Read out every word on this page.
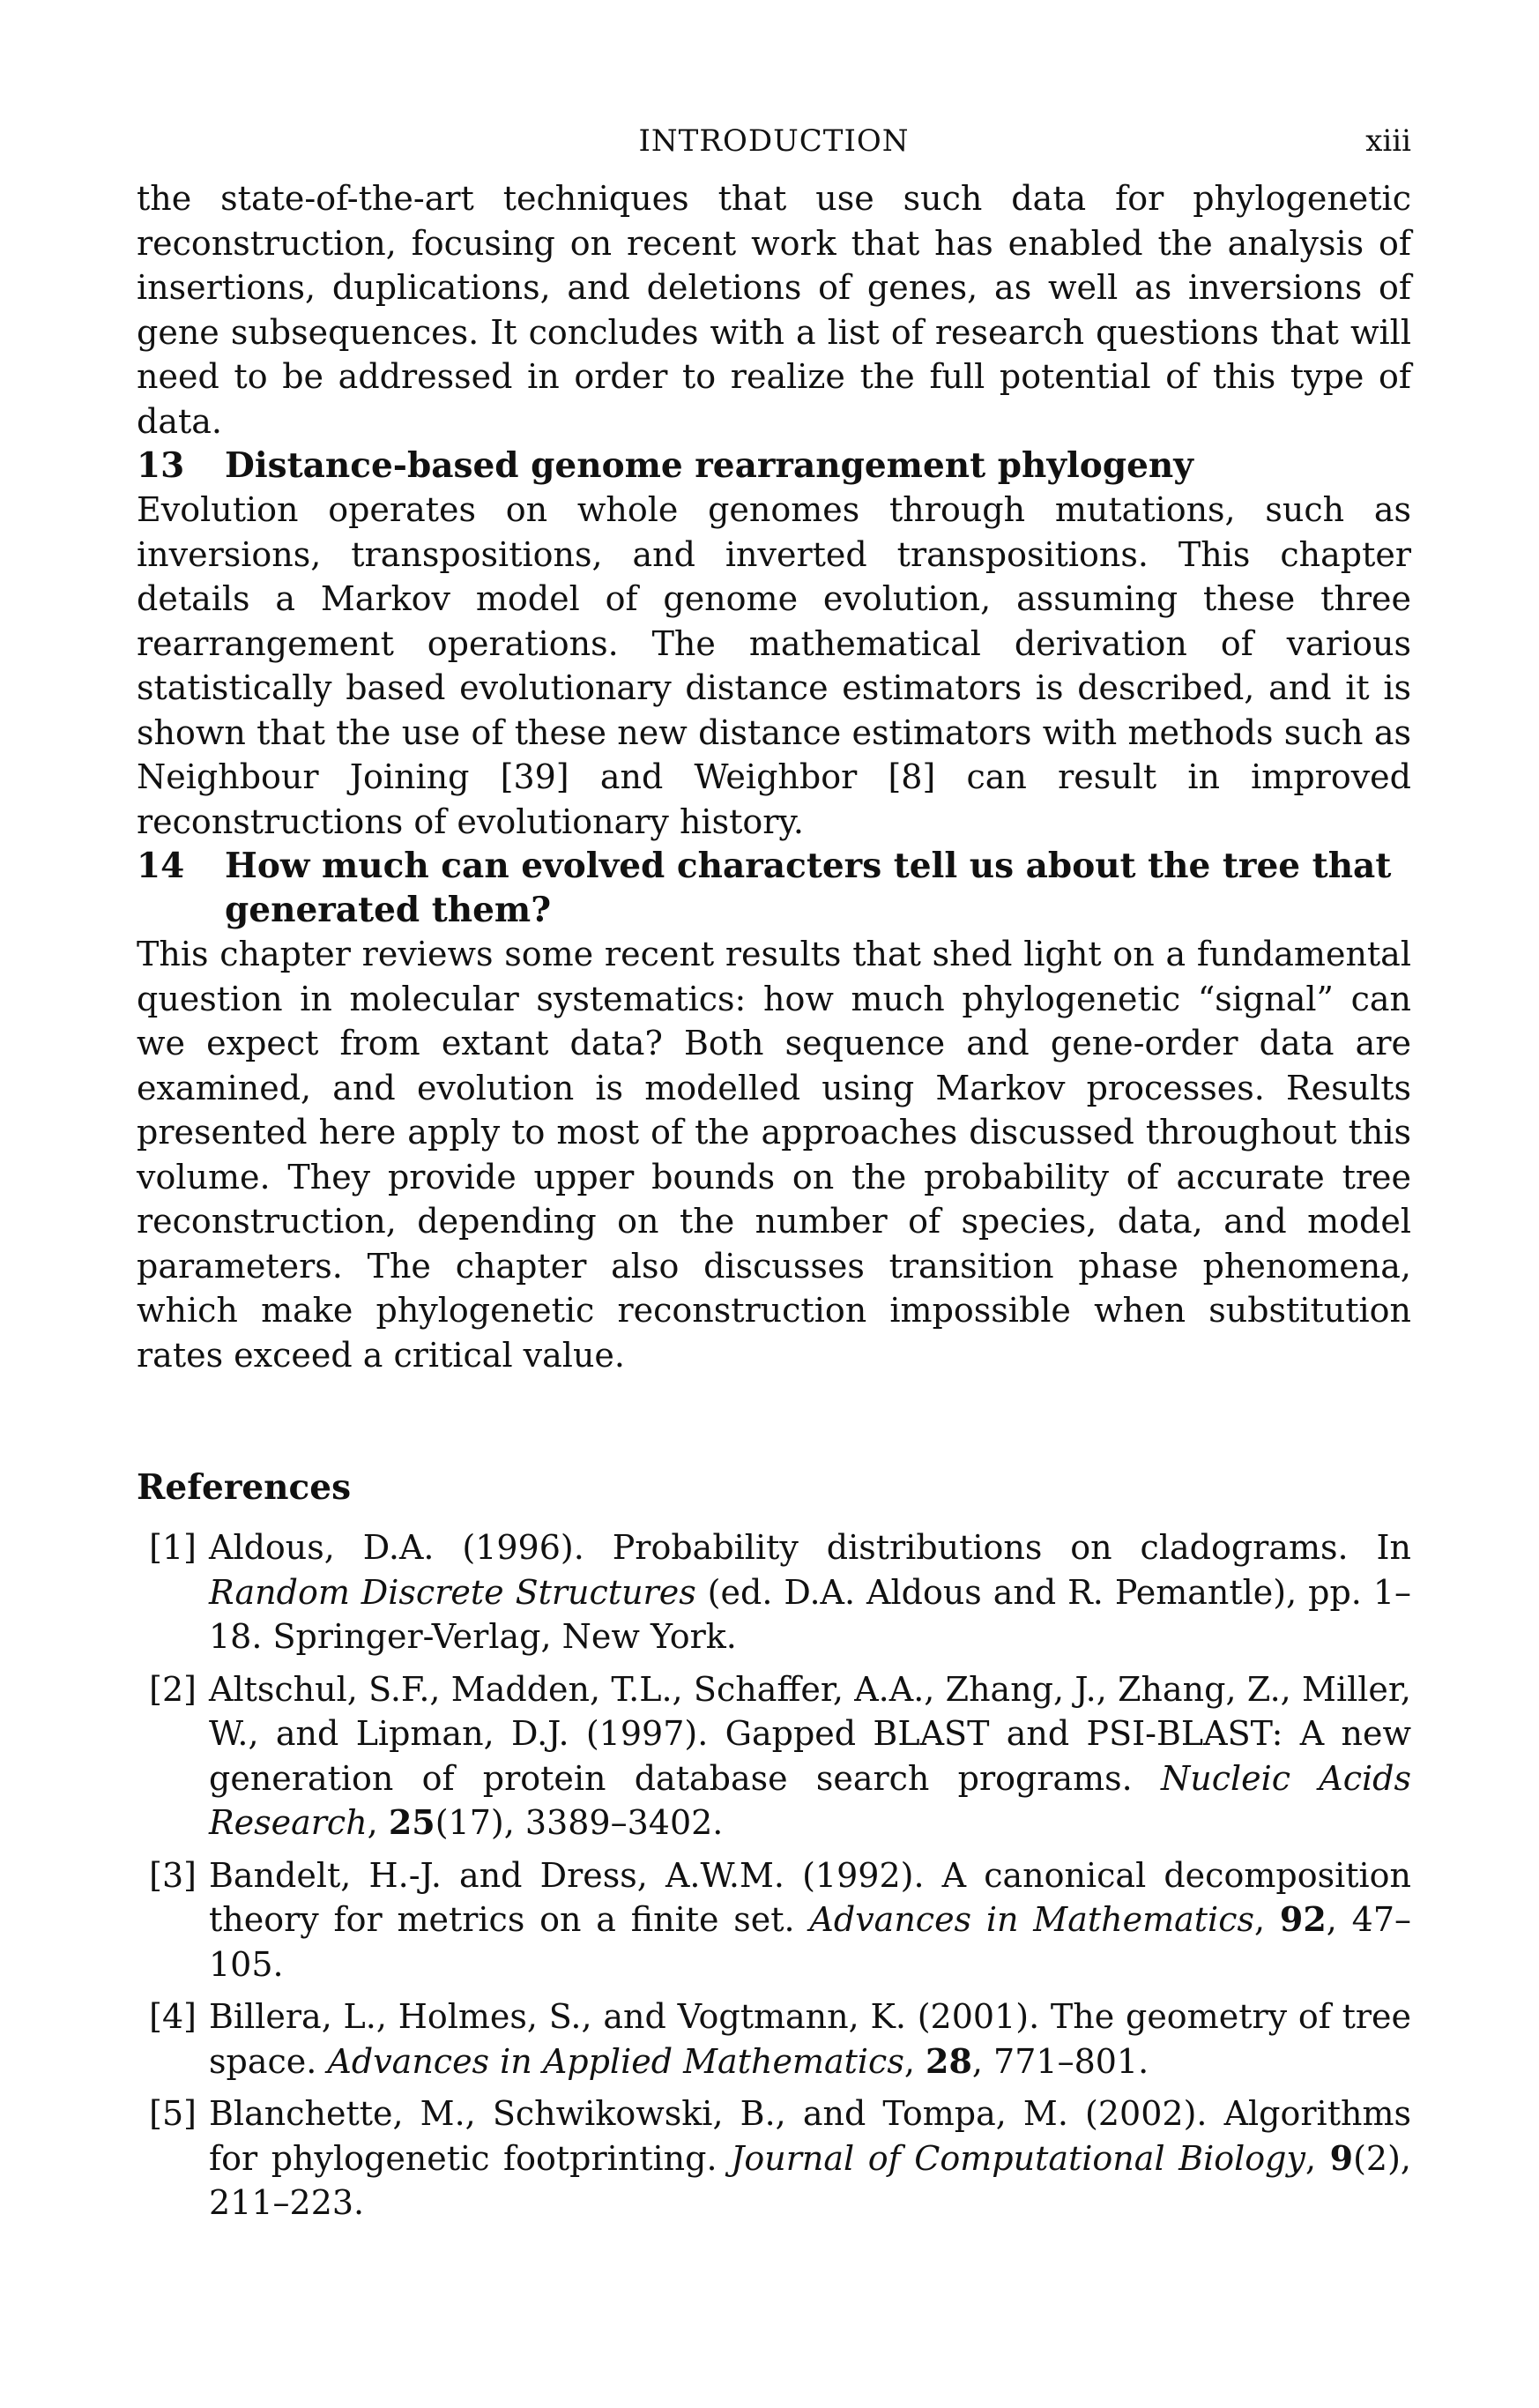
INTRODUCTION	xiii

the state-of-the-art techniques that use such data for phylogenetic reconstruction, focusing on recent work that has enabled the analysis of insertions, duplications, and deletions of genes, as well as inversions of gene subsequences. It concludes with a list of research questions that will need to be addressed in order to realize the full potential of this type of data.

13	Distance-based genome rearrangement phylogeny

Evolution operates on whole genomes through mutations, such as inversions, transpositions, and inverted transpositions. This chapter details a Markov model of genome evolution, assuming these three rearrangement operations. The mathematical derivation of various statistically based evolutionary distance estimators is described, and it is shown that the use of these new distance estimators with methods such as Neighbour Joining [39] and Weighbor [8] can result in improved reconstructions of evolutionary history.

14	How much can evolved characters tell us about the tree that generated them?

This chapter reviews some recent results that shed light on a fundamental question in molecular systematics: how much phylogenetic “signal” can we expect from extant data? Both sequence and gene-order data are examined, and evolution is modelled using Markov processes. Results presented here apply to most of the approaches discussed throughout this volume. They provide upper bounds on the probability of accurate tree reconstruction, depending on the number of species, data, and model parameters. The chapter also discusses transition phase phenomena, which make phylogenetic reconstruction impossible when substitution rates exceed a critical value.

References
[1] Aldous, D.A. (1996). Probability distributions on cladograms. In Random Discrete Structures (ed. D.A. Aldous and R. Pemantle), pp. 1–18. Springer-Verlag, New York.
[2] Altschul, S.F., Madden, T.L., Schaffer, A.A., Zhang, J., Zhang, Z., Miller, W., and Lipman, D.J. (1997). Gapped BLAST and PSI-BLAST: A new generation of protein database search programs. Nucleic Acids Research, 25(17), 3389–3402.
[3] Bandelt, H.-J. and Dress, A.W.M. (1992). A canonical decomposition theory for metrics on a finite set. Advances in Mathematics, 92, 47–105.
[4] Billera, L., Holmes, S., and Vogtmann, K. (2001). The geometry of tree space. Advances in Applied Mathematics, 28, 771–801.
[5] Blanchette, M., Schwikowski, B., and Tompa, M. (2002). Algorithms for phylogenetic footprinting. Journal of Computational Biology, 9(2), 211–223.
